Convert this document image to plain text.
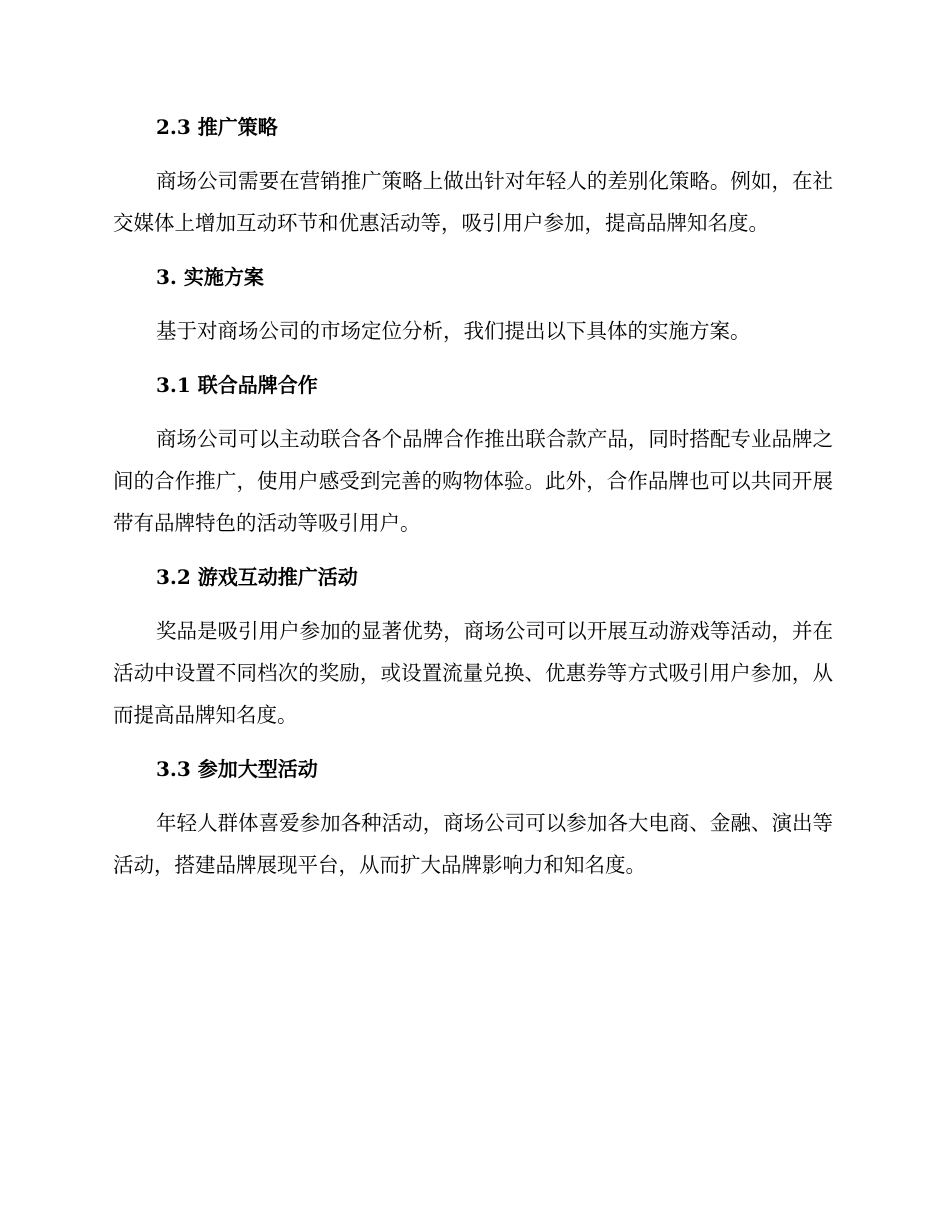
2.3 推广策略

商场公司需要在营销推广策略上做出针对年轻人的差别化策略。例如，在社交媒体上增加互动环节和优惠活动等，吸引用户参加，提高品牌知名度。

3. 实施方案

基于对商场公司的市场定位分析，我们提出以下具体的实施方案。

3.1 联合品牌合作

商场公司可以主动联合各个品牌合作推出联合款产品，同时搭配专业品牌之间的合作推广，使用户感受到完善的购物体验。此外，合作品牌也可以共同开展带有品牌特色的活动等吸引用户。

3.2 游戏互动推广活动

奖品是吸引用户参加的显著优势，商场公司可以开展互动游戏等活动，并在活动中设置不同档次的奖励，或设置流量兑换、优惠券等方式吸引用户参加，从而提高品牌知名度。

3.3 参加大型活动

年轻人群体喜爱参加各种活动，商场公司可以参加各大电商、金融、演出等活动，搭建品牌展现平台，从而扩大品牌影响力和知名度。
